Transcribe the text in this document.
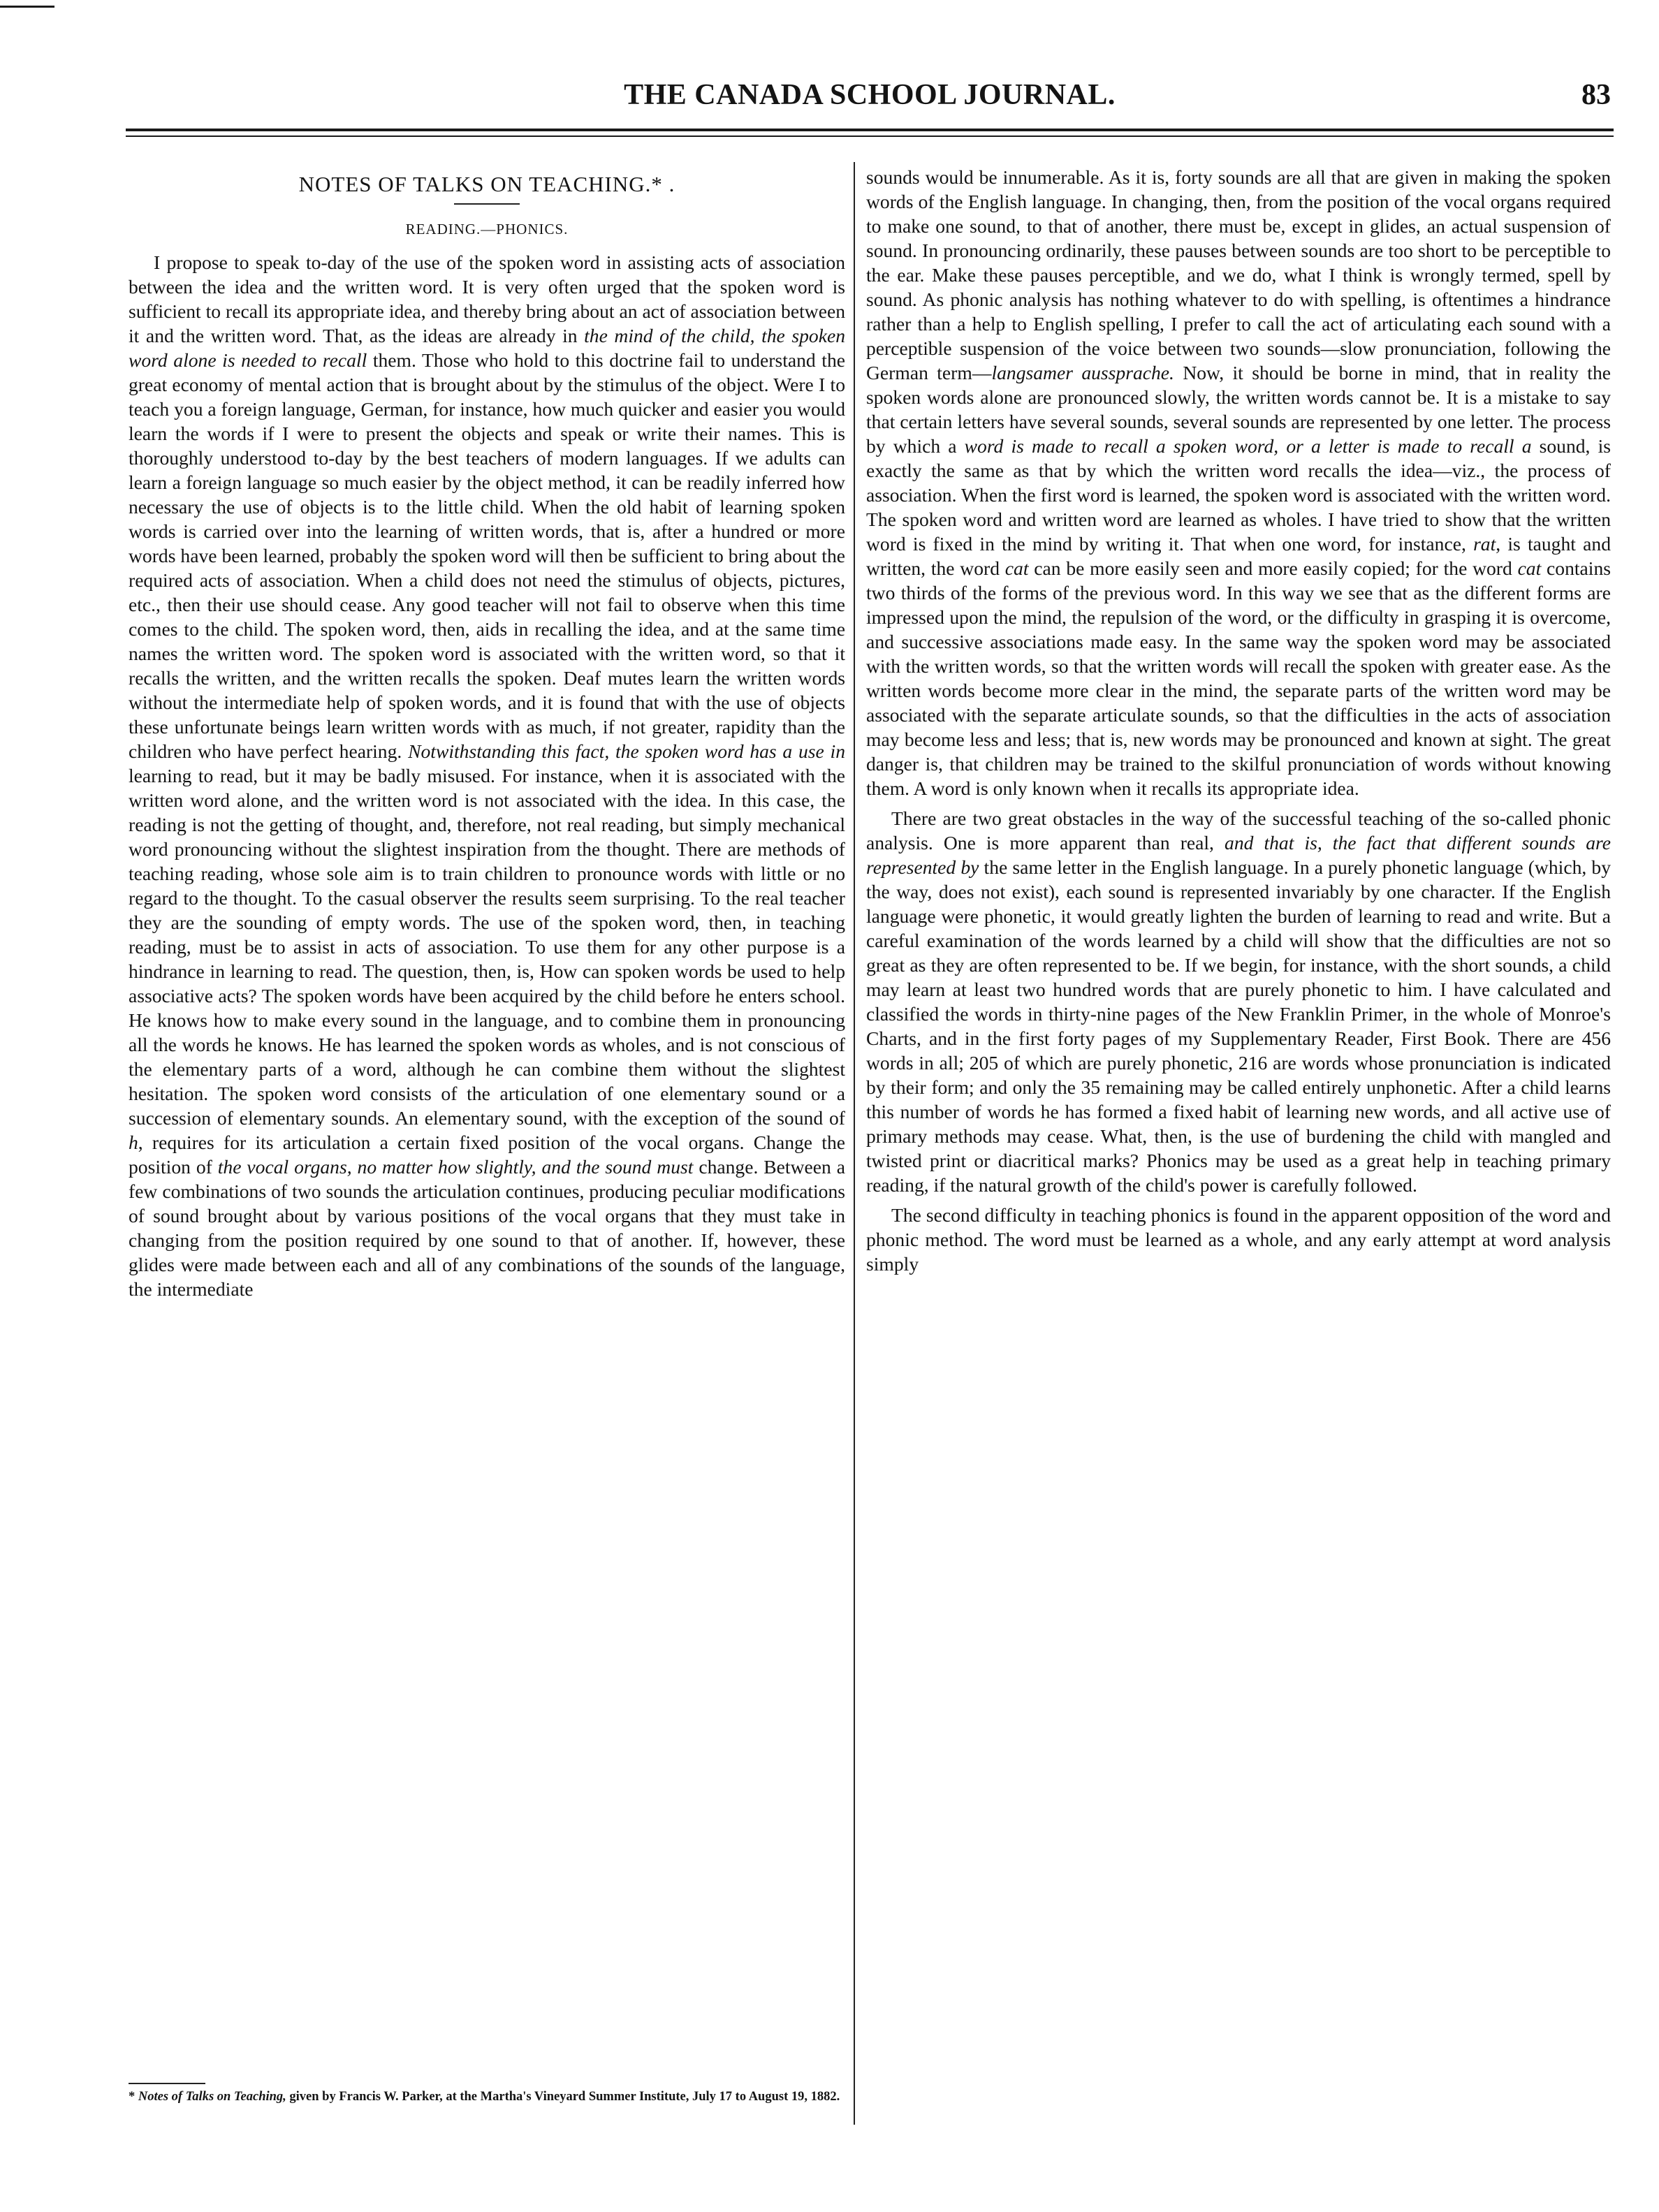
THE CANADA SCHOOL JOURNAL.	83
NOTES OF TALKS ON TEACHING.* .
READING.—PHONICS.

I propose to speak to-day of the use of the spoken word in assisting acts of association between the idea and the written word. It is very often urged that the spoken word is sufficient to recall its appropriate idea, and thereby bring about an act of association between it and the written word. That, as the ideas are already in the mind of the child, the spoken word alone is needed to recall them. Those who hold to this doctrine fail to understand the great economy of mental action that is brought about by the stimulus of the object. Were I to teach you a foreign language, German, for instance, how much quicker and easier you would learn the words if I were to present the objects and speak or write their names. This is thoroughly understood to-day by the best teachers of modern languages. If we adults can learn a foreign language so much easier by the object method, it can be readily inferred how necessary the use of objects is to the little child. When the old habit of learning spoken words is carried over into the learning of written words, that is, after a hundred or more words have been learned, probably the spoken word will then be sufficient to bring about the required acts of association. When a child does not need the stimulus of objects, pictures, etc., then their use should cease. Any good teacher will not fail to observe when this time comes to the child. The spoken word, then, aids in recalling the idea, and at the same time names the written word. The spoken word is associated with the written word, so that it recalls the written, and the written recalls the spoken. Deaf mutes learn the written words without the intermediate help of spoken words, and it is found that with the use of objects these unfortunate beings learn written words with as much, if not greater, rapidity than the children who have perfect hearing. Notwithstanding this fact, the spoken word has a use in learning to read, but it may be badly misused. For instance, when it is associated with the written word alone, and the written word is not associated with the idea. In this case, the reading is not the getting of thought, and, therefore, not real reading, but simply mechanical word pronouncing without the slightest inspiration from the thought. There are methods of teaching reading, whose sole aim is to train children to pronounce words with little or no regard to the thought. To the casual observer the results seem surprising. To the real teacher they are the sounding of empty words. The use of the spoken word, then, in teaching reading, must be to assist in acts of association. To use them for any other purpose is a hindrance in learning to read. The question, then, is, How can spoken words be used to help associative acts? The spoken words have been acquired by the child before he enters school. He knows how to make every sound in the language, and to combine them in pronouncing all the words he knows. He has learned the spoken words as wholes, and is not conscious of the elementary parts of a word, although he can combine them without the slightest hesitation. The spoken word consists of the articulation of one elementary sound or a succession of elementary sounds. An elementary sound, with the exception of the sound of h, requires for its articulation a certain fixed position of the vocal organs. Change the position of the vocal organs, no matter how slightly, and the sound must change. Between a few combinations of two sounds the articulation continues, producing peculiar modifications of sound brought about by various positions of the vocal organs that they must take in changing from the position required by one sound to that of another. If, however, these glides were made between each and all of any combinations of the sounds of the language, the intermediate

sounds would be innumerable. As it is, forty sounds are all that are given in making the spoken words of the English language. In changing, then, from the position of the vocal organs required to make one sound, to that of another, there must be, except in glides, an actual suspension of sound. In pronouncing ordinarily, these pauses between sounds are too short to be perceptible to the ear. Make these pauses perceptible, and we do, what I think is wrongly termed, spell by sound. As phonic analysis has nothing whatever to do with spelling, is oftentimes a hindrance rather than a help to English spelling, I prefer to call the act of articulating each sound with a perceptible suspension of the voice between two sounds—slow pronunciation, following the German term—langsamer aussprache. Now, it should be borne in mind, that in reality the spoken words alone are pronounced slowly, the written words cannot be. It is a mistake to say that certain letters have several sounds, several sounds are represented by one letter. The process by which a word is made to recall a spoken word, or a letter is made to recall a sound, is exactly the same as that by which the written word recalls the idea—viz., the process of association. When the first word is learned, the spoken word is associated with the written word. The spoken word and written word are learned as wholes. I have tried to show that the written word is fixed in the mind by writing it. That when one word, for instance, rat, is taught and written, the word cat can be more easily seen and more easily copied; for the word cat contains two thirds of the forms of the previous word. In this way we see that as the different forms are impressed upon the mind, the repulsion of the word, or the difficulty in grasping it is overcome, and successive associations made easy. In the same way the spoken word may be associated with the written words, so that the written words will recall the spoken with greater ease. As the written words become more clear in the mind, the separate parts of the written word may be associated with the separate articulate sounds, so that the difficulties in the acts of association may become less and less; that is, new words may be pronounced and known at sight. The great danger is, that children may be trained to the skilful pronunciation of words without knowing them. A word is only known when it recalls its appropriate idea.

There are two great obstacles in the way of the successful teaching of the so-called phonic analysis. One is more apparent than real, and that is, the fact that different sounds are represented by the same letter in the English language. In a purely phonetic language (which, by the way, does not exist), each sound is represented invariably by one character. If the English language were phonetic, it would greatly lighten the burden of learning to read and write. But a careful examination of the words learned by a child will show that the difficulties are not so great as they are often represented to be. If we begin, for instance, with the short sounds, a child may learn at least two hundred words that are purely phonetic to him. I have calculated and classified the words in thirty-nine pages of the New Franklin Primer, in the whole of Monroe's Charts, and in the first forty pages of my Supplementary Reader, First Book. There are 456 words in all; 205 of which are purely phonetic, 216 are words whose pronunciation is indicated by their form; and only the 35 remaining may be called entirely unphonetic. After a child learns this number of words he has formed a fixed habit of learning new words, and all active use of primary methods may cease. What, then, is the use of burdening the child with mangled and twisted print or diacritical marks? Phonics may be used as a great help in teaching primary reading, if the natural growth of the child's power is carefully followed.

The second difficulty in teaching phonics is found in the apparent opposition of the word and phonic method. The word must be learned as a whole, and any early attempt at word analysis simply

* Notes of Talks on Teaching, given by Francis W. Parker, at the Martha's Vineyard Summer Institute, July 17 to August 19, 1882.
